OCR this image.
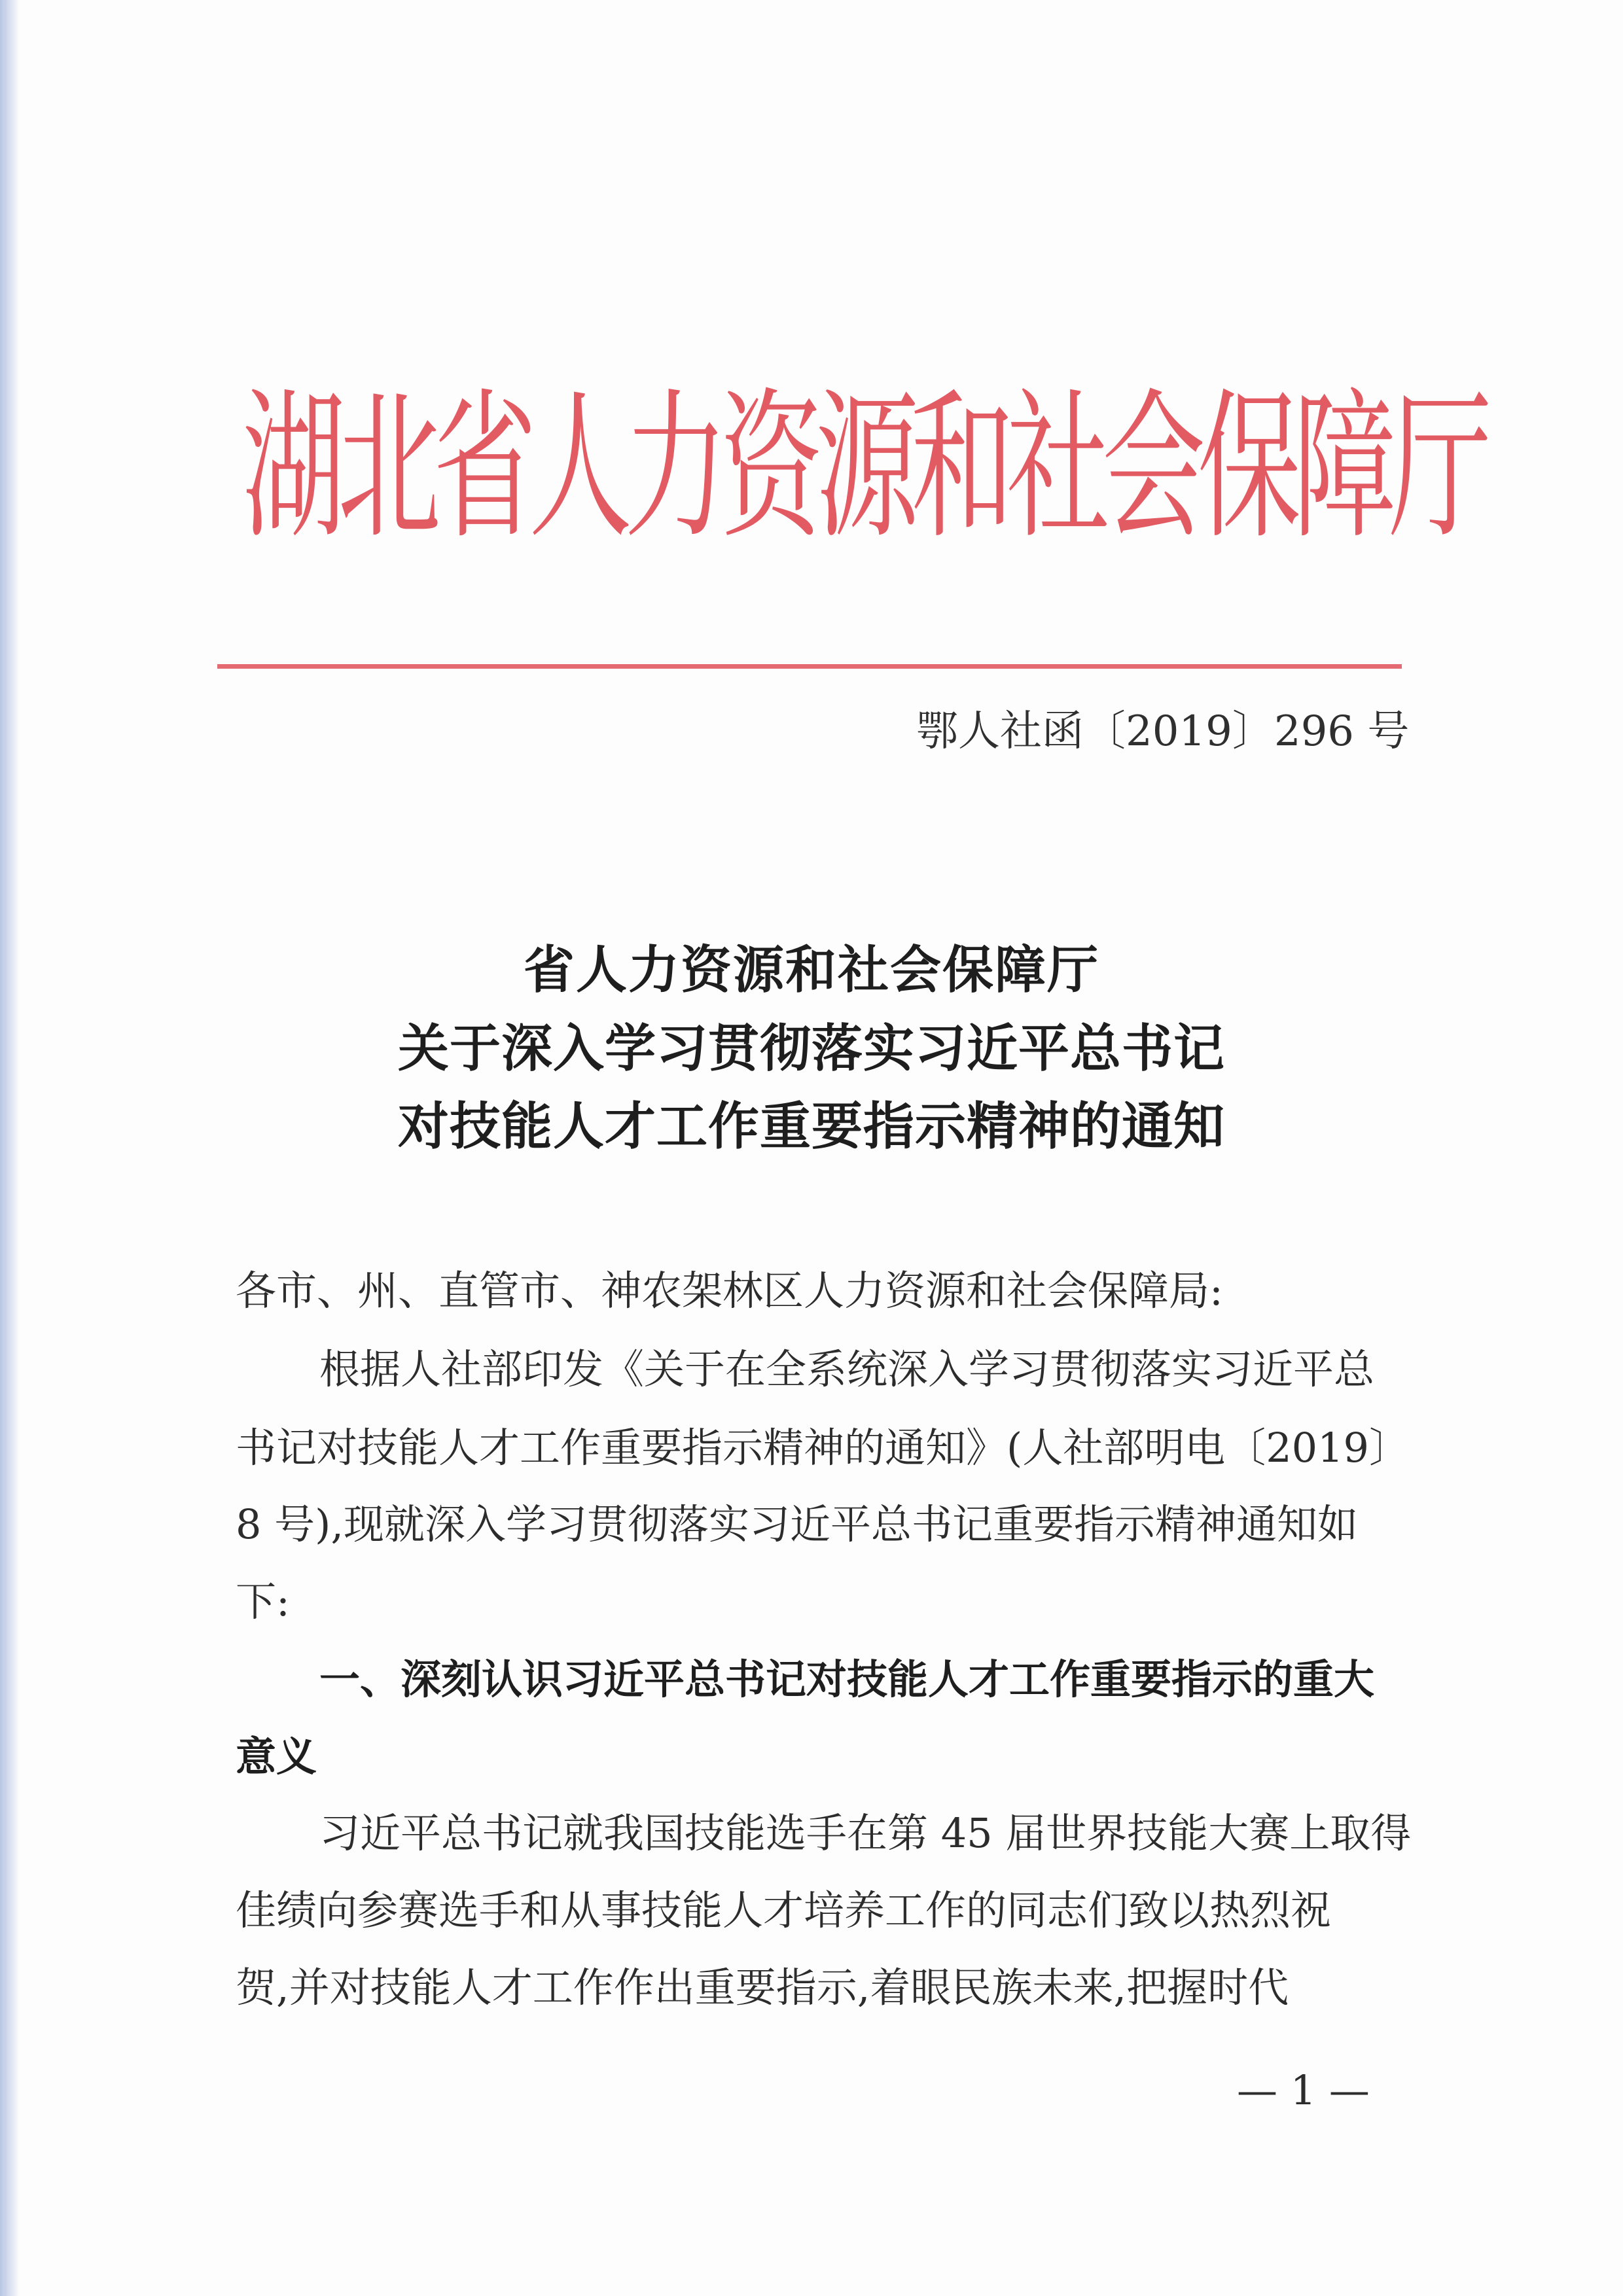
湖北省人力资源和社会保障厅
鄂人社函〔2019〕296 号
省人力资源和社会保障厅
关于深入学习贯彻落实习近平总书记
对技能人才工作重要指示精神的通知
各市、州、直管市、神农架林区人力资源和社会保障局:
根据人社部印发《关于在全系统深入学习贯彻落实习近平总
书记对技能人才工作重要指示精神的通知》(人社部明电〔2019〕
8 号),现就深入学习贯彻落实习近平总书记重要指示精神通知如
下:
一、深刻认识习近平总书记对技能人才工作重要指示的重大
意义
习近平总书记就我国技能选手在第 45 届世界技能大赛上取得
佳绩向参赛选手和从事技能人才培养工作的同志们致以热烈祝
贺,并对技能人才工作作出重要指示,着眼民族未来,把握时代
— 1 —
